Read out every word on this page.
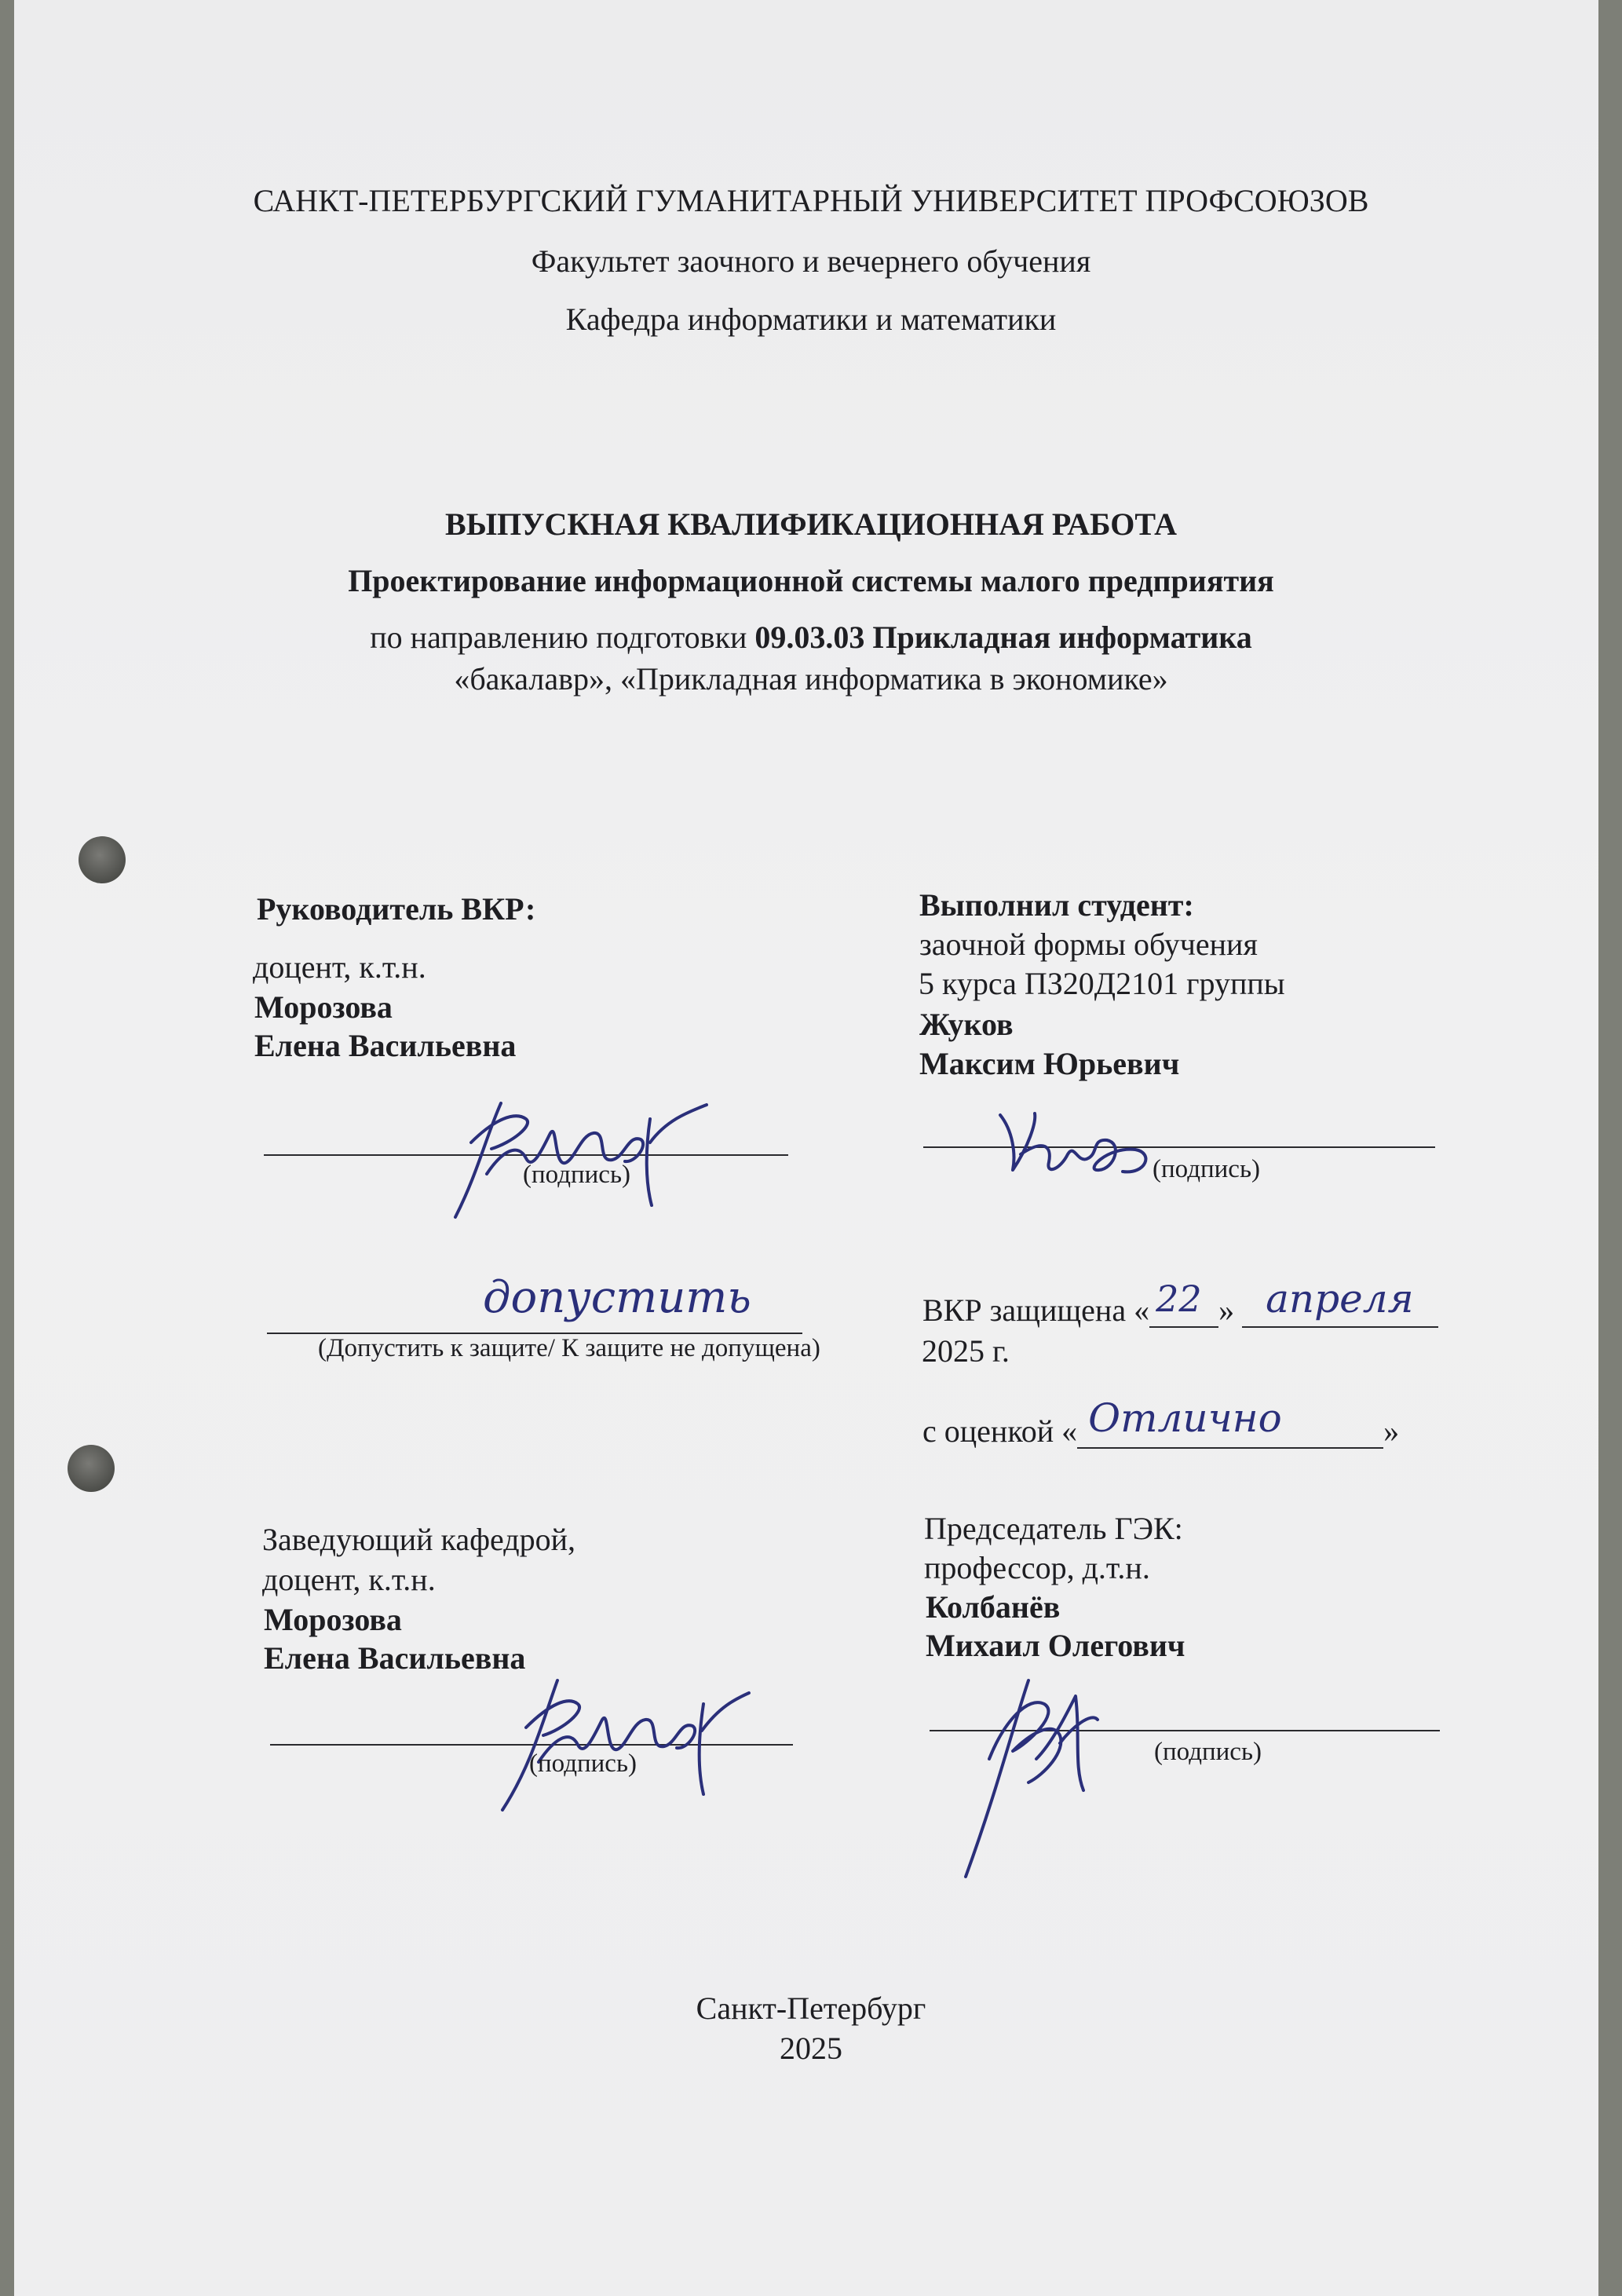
САНКТ-ПЕТЕРБУРГСКИЙ ГУМАНИТАРНЫЙ УНИВЕРСИТЕТ ПРОФСОЮЗОВ
Факультет заочного и вечернего обучения
Кафедра информатики и математики
ВЫПУСКНАЯ КВАЛИФИКАЦИОННАЯ РАБОТА
Проектирование информационной системы малого предприятия
по направлению подготовки 09.03.03 Прикладная информатика
«бакалавр», «Прикладная информатика в экономике»
Руководитель ВКР:
доцент, к.т.н.
Морозова
Елена Васильевна
(подпись)
Выполнил студент:
заочной формы обучения
5 курса ПЗ20Д2101 группы
Жуков
Максим Юрьевич
(подпись)
допустить
(Допустить к защите/ К защите не допущена)
ВКР защищена « 22 » апреля
2025 г.
с оценкой « Отлично	»
Заведующий кафедрой,
доцент, к.т.н.
Морозова
Елена Васильевна
(подпись)
Председатель ГЭК:
профессор, д.т.н.
Колбанёв
Михаил Олегович
(подпись)
Санкт-Петербург
2025
